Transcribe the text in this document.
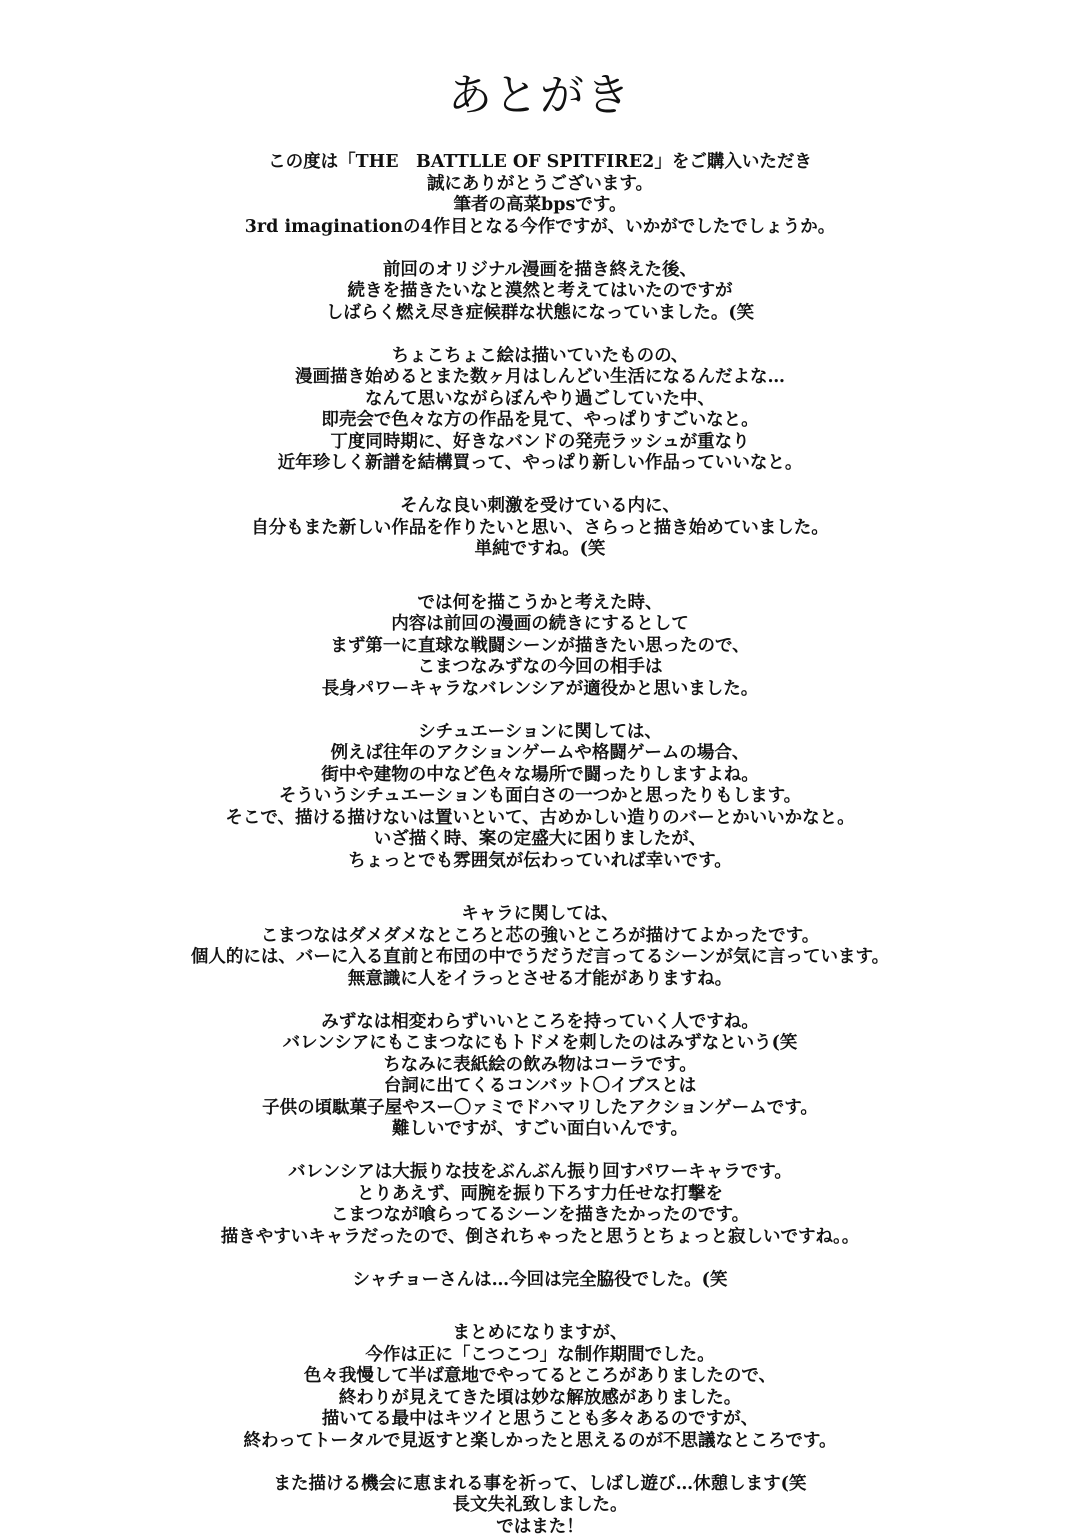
あとがき
この度は「THE　BATTLLE OF SPITFIRE2」をご購入いただき
誠にありがとうございます。
筆者の高菜bpsです。
3rd imaginationの4作目となる今作ですが、いかがでしたでしょうか。
前回のオリジナル漫画を描き終えた後、
続きを描きたいなと漠然と考えてはいたのですが
しばらく燃え尽き症候群な状態になっていました。(笑
ちょこちょこ絵は描いていたものの、
漫画描き始めるとまた数ヶ月はしんどい生活になるんだよな…
なんて思いながらぼんやり過ごしていた中、
即売会で色々な方の作品を見て、やっぱりすごいなと。
丁度同時期に、好きなバンドの発売ラッシュが重なり
近年珍しく新譜を結構買って、やっぱり新しい作品っていいなと。
そんな良い刺激を受けている内に、
自分もまた新しい作品を作りたいと思い、さらっと描き始めていました。
単純ですね。(笑
では何を描こうかと考えた時、
内容は前回の漫画の続きにするとして
まず第一に直球な戦闘シーンが描きたい思ったので、
こまつなみずなの今回の相手は
長身パワーキャラなバレンシアが適役かと思いました。
シチュエーションに関しては、
例えば往年のアクションゲームや格闘ゲームの場合、
街中や建物の中など色々な場所で闘ったりしますよね。
そういうシチュエーションも面白さの一つかと思ったりもします。
そこで、描ける描けないは置いといて、古めかしい造りのバーとかいいかなと。
いざ描く時、案の定盛大に困りましたが、
ちょっとでも雰囲気が伝わっていれば幸いです。
キャラに関しては、
こまつなはダメダメなところと芯の強いところが描けてよかったです。
個人的には、バーに入る直前と布団の中でうだうだ言ってるシーンが気に言っています。
無意識に人をイラっとさせる才能がありますね。
みずなは相変わらずいいところを持っていく人ですね。
バレンシアにもこまつなにもトドメを刺したのはみずなという(笑
ちなみに表紙絵の飲み物はコーラです。
台詞に出てくるコンバット〇イブスとは
子供の頃駄菓子屋やスー〇ァミでドハマリしたアクションゲームです。
難しいですが、すごい面白いんです。
バレンシアは大振りな技をぶんぶん振り回すパワーキャラです。
とりあえず、両腕を振り下ろす力任せな打撃を
こまつなが喰らってるシーンを描きたかったのです。
描きやすいキャラだったので、倒されちゃったと思うとちょっと寂しいですね。。
シャチョーさんは…今回は完全脇役でした。(笑
まとめになりますが、
今作は正に「こつこつ」な制作期間でした。
色々我慢して半ば意地でやってるところがありましたので、
終わりが見えてきた頃は妙な解放感がありました。
描いてる最中はキツイと思うことも多々あるのですが、
終わってトータルで見返すと楽しかったと思えるのが不思議なところです。
また描ける機会に恵まれる事を祈って、しばし遊び…休憩します(笑
長文失礼致しました。
ではまた！
